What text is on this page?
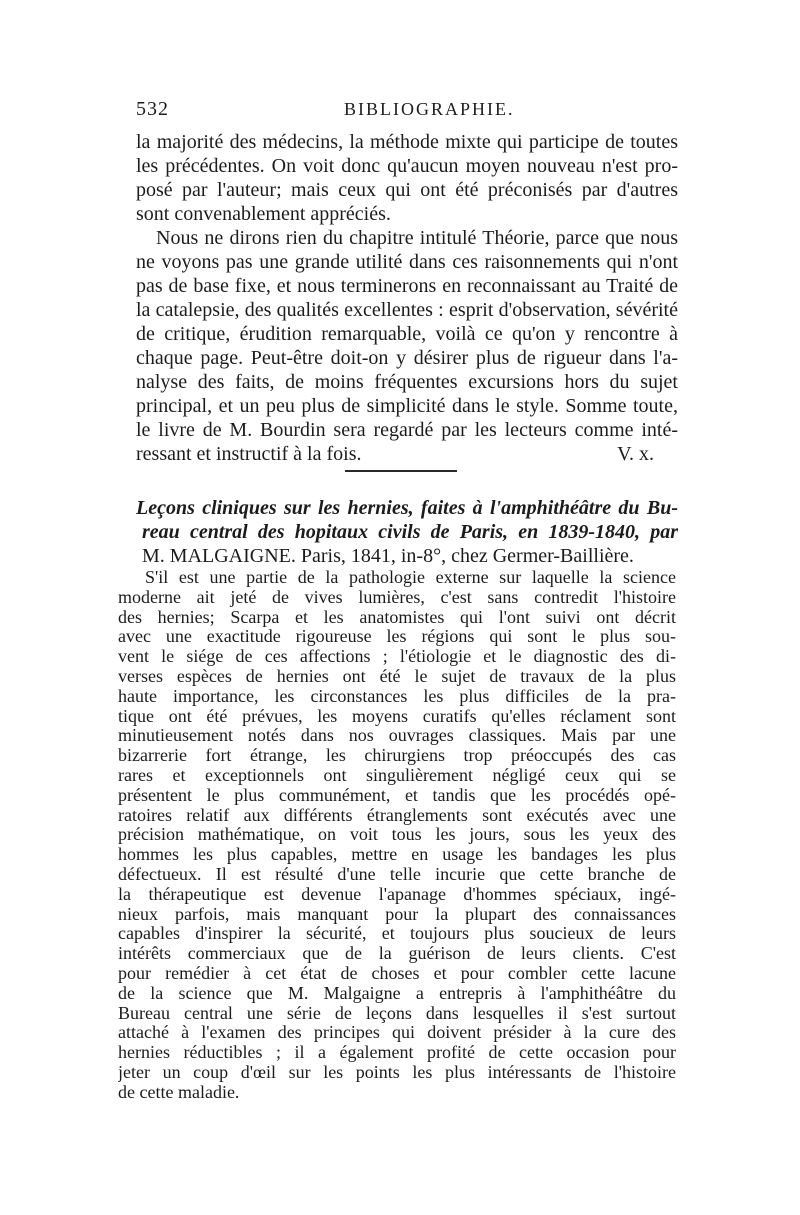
532	BIBLIOGRAPHIE.
la majorité des médecins, la méthode mixte qui participe de toutes
les précédentes. On voit donc qu'aucun moyen nouveau n'est pro-
posé par l'auteur; mais ceux qui ont été préconisés par d'autres
sont convenablement appréciés.
Nous ne dirons rien du chapitre intitulé Théorie, parce que nous
ne voyons pas une grande utilité dans ces raisonnements qui n'ont
pas de base fixe, et nous terminerons en reconnaissant au Traité de
la catalepsie, des qualités excellentes : esprit d'observation, sévérité
de critique, érudition remarquable, voilà ce qu'on y rencontre à
chaque page. Peut-être doit-on y désirer plus de rigueur dans l'a-
nalyse des faits, de moins fréquentes excursions hors du sujet
principal, et un peu plus de simplicité dans le style. Somme toute,
le livre de M. Bourdin sera regardé par les lecteurs comme inté-
ressant et instructif à la fois.	V. x.
Leçons cliniques sur les hernies, faites à l'amphithéâtre du Bu-
reau central des hopitaux civils de Paris, en 1839-1840, par
M. MALGAIGNE. Paris, 1841, in-8°, chez Germer-Baillière.
S'il est une partie de la pathologie externe sur laquelle la science
moderne ait jeté de vives lumières, c'est sans contredit l'histoire
des hernies; Scarpa et les anatomistes qui l'ont suivi ont décrit
avec une exactitude rigoureuse les régions qui sont le plus sou-
vent le siége de ces affections ; l'étiologie et le diagnostic des di-
verses espèces de hernies ont été le sujet de travaux de la plus
haute importance, les circonstances les plus difficiles de la pra-
tique ont été prévues, les moyens curatifs qu'elles réclament sont
minutieusement notés dans nos ouvrages classiques. Mais par une
bizarrerie fort étrange, les chirurgiens trop préoccupés des cas
rares et exceptionnels ont singulièrement négligé ceux qui se
présentent le plus communément, et tandis que les procédés opé-
ratoires relatif aux différents étranglements sont exécutés avec une
précision mathématique, on voit tous les jours, sous les yeux des
hommes les plus capables, mettre en usage les bandages les plus
défectueux. Il est résulté d'une telle incurie que cette branche de
la thérapeutique est devenue l'apanage d'hommes spéciaux, ingé-
nieux parfois, mais manquant pour la plupart des connaissances
capables d'inspirer la sécurité, et toujours plus soucieux de leurs
intérêts commerciaux que de la guérison de leurs clients. C'est
pour remédier à cet état de choses et pour combler cette lacune
de la science que M. Malgaigne a entrepris à l'amphithéâtre du
Bureau central une série de leçons dans lesquelles il s'est surtout
attaché à l'examen des principes qui doivent présider à la cure des
hernies réductibles ; il a également profité de cette occasion pour
jeter un coup d'œil sur les points les plus intéressants de l'histoire
de cette maladie.
